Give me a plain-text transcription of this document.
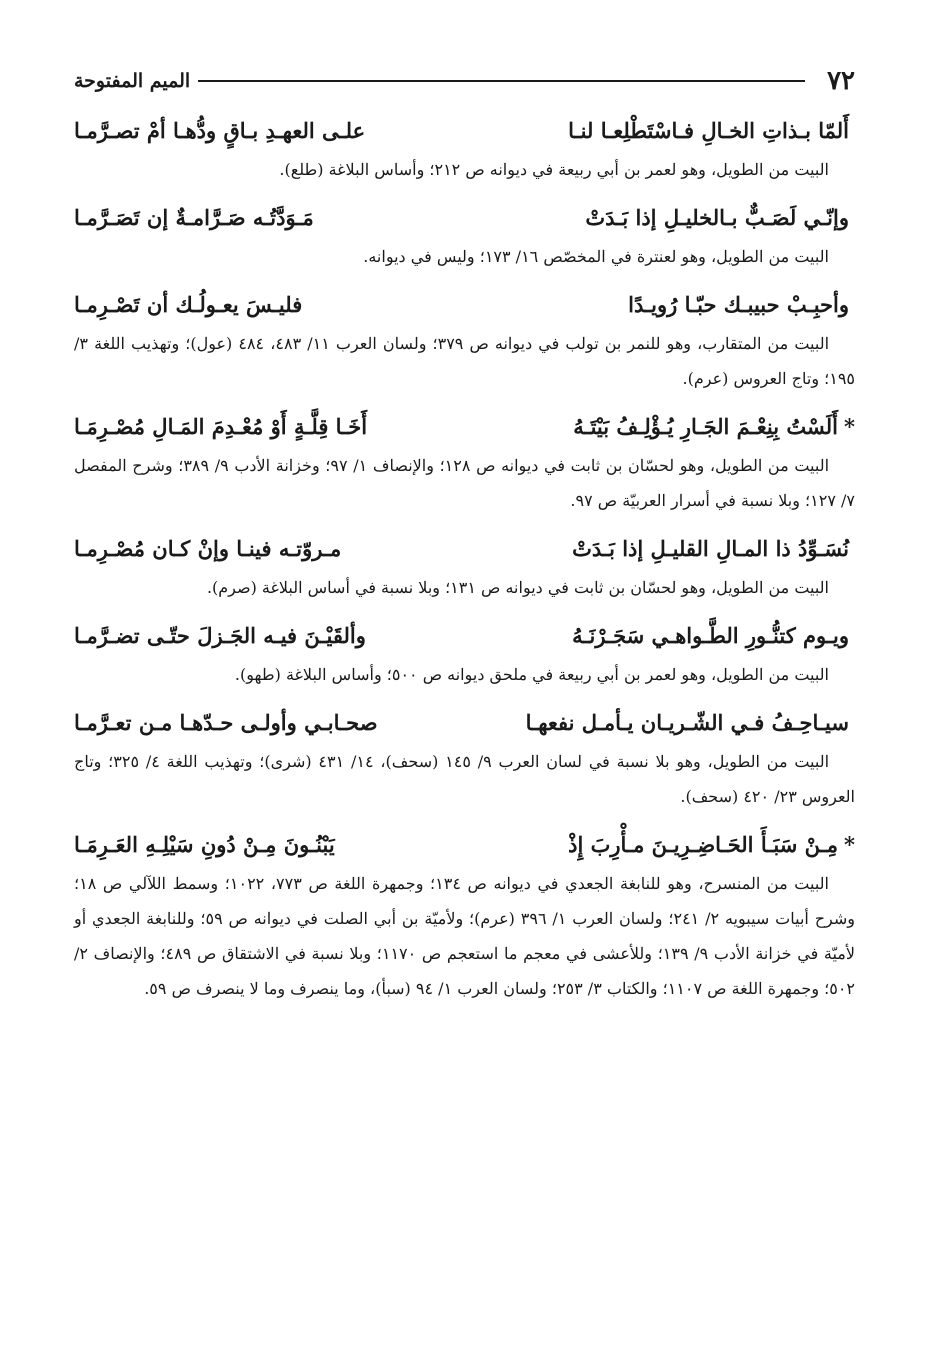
٧٢
الميم المفتوحة
أَلمّا بـذاتِ الخـالِ فـاسْتَطْلِعـا لنـا
علـى العهـدِ بـاقٍ ودُّهـا أمْ تصـرَّمـا
البيت من الطويل، وهو لعمر بن أبي ربيعة في ديوانه ص ٢١٢؛ وأساس البلاغة (طلع).
وإنّـي لَصَـبٌّ بـالخليـلِ إذا بَـدَتْ
مَـوَدَّتُـه صَـرَّامـةٌ إن تَصَـرَّمـا
البيت من الطويل، وهو لعنترة في المخصّص ١٦/ ١٧٣؛ وليس في ديوانه.
وأحبِـبْ حبيبـك حبّـا رُويـدًا
فليـسَ يعـولُـك أن تَصْـرِمـا
البيت من المتقارب، وهو للنمر بن تولب في ديوانه ص ٣٧٩؛ ولسان العرب ١١/ ٤٨٣، ٤٨٤ (عول)؛ وتهذيب اللغة ٣/ ١٩٥؛ وتاج العروس (عرم).
*أَلَسْتُ بِنِعْـمَ الجَـارِ يُـؤْلِـفُ بَيْتَـهُ
أَخَـا قِلَّـةٍ أَوْ مُعْـدِمَ المَـالِ مُصْـرِمَـا
البيت من الطويل، وهو لحسّان بن ثابت في ديوانه ص ١٢٨؛ والإنصاف ١/ ٩٧؛ وخزانة الأدب ٩/ ٣٨٩؛ وشرح المفصل ٧/ ١٢٧؛ وبلا نسبة في أسرار العربيّة ص ٩٧.
نُسَـوِّدُ ذا المـالِ القليـلِ إذا بَـدَتْ
مـروّتـه فينـا وإنْ كـان مُصْـرِمـا
البيت من الطويل، وهو لحسّان بن ثابت في ديوانه ص ١٣١؛ وبلا نسبة في أساس البلاغة (صرم).
ويـوم كتنُّـورِ الطَّـواهـي سَجَـرْنَـهُ
وألقَيْـنَ فيـه الجَـزلَ حتّـى تضـرَّمـا
البيت من الطويل، وهو لعمر بن أبي ربيعة في ملحق ديوانه ص ٥٠٠؛ وأساس البلاغة (طهو).
سيـاحِـفُ فـي الشّـريـان يـأمـل نفعهـا
صحـابـي وأولـى حـدّهـا مـن تعـرَّمـا
البيت من الطويل، وهو بلا نسبة في لسان العرب ٩/ ١٤٥ (سحف)، ١٤/ ٤٣١ (شرى)؛ وتهذيب اللغة ٤/ ٣٢٥؛ وتاج العروس ٢٣/ ٤٢٠ (سحف).
*مِـنْ سَبَـأَ الحَـاضِـرِيـنَ مـأْرِبَ إِذْ
يَبْنُـونَ مِـنْ دُونِ سَيْلِـهِ العَـرِمَـا
البيت من المنسرح، وهو للنابغة الجعدي في ديوانه ص ١٣٤؛ وجمهرة اللغة ص ٧٧٣، ١٠٢٢؛ وسمط اللآلي ص ١٨؛ وشرح أبيات سيبويه ٢/ ٢٤١؛ ولسان العرب ١/ ٣٩٦ (عرم)؛ ولأميّة بن أبي الصلت في ديوانه ص ٥٩؛ وللنابغة الجعدي أو لأميّة في خزانة الأدب ٩/ ١٣٩؛ وللأعشى في معجم ما استعجم ص ١١٧٠؛ وبلا نسبة في الاشتقاق ص ٤٨٩؛ والإنصاف ٢/ ٥٠٢؛ وجمهرة اللغة ص ١١٠٧؛ والكتاب ٣/ ٢٥٣؛ ولسان العرب ١/ ٩٤ (سبأ)، وما ينصرف وما لا ينصرف ص ٥٩.
